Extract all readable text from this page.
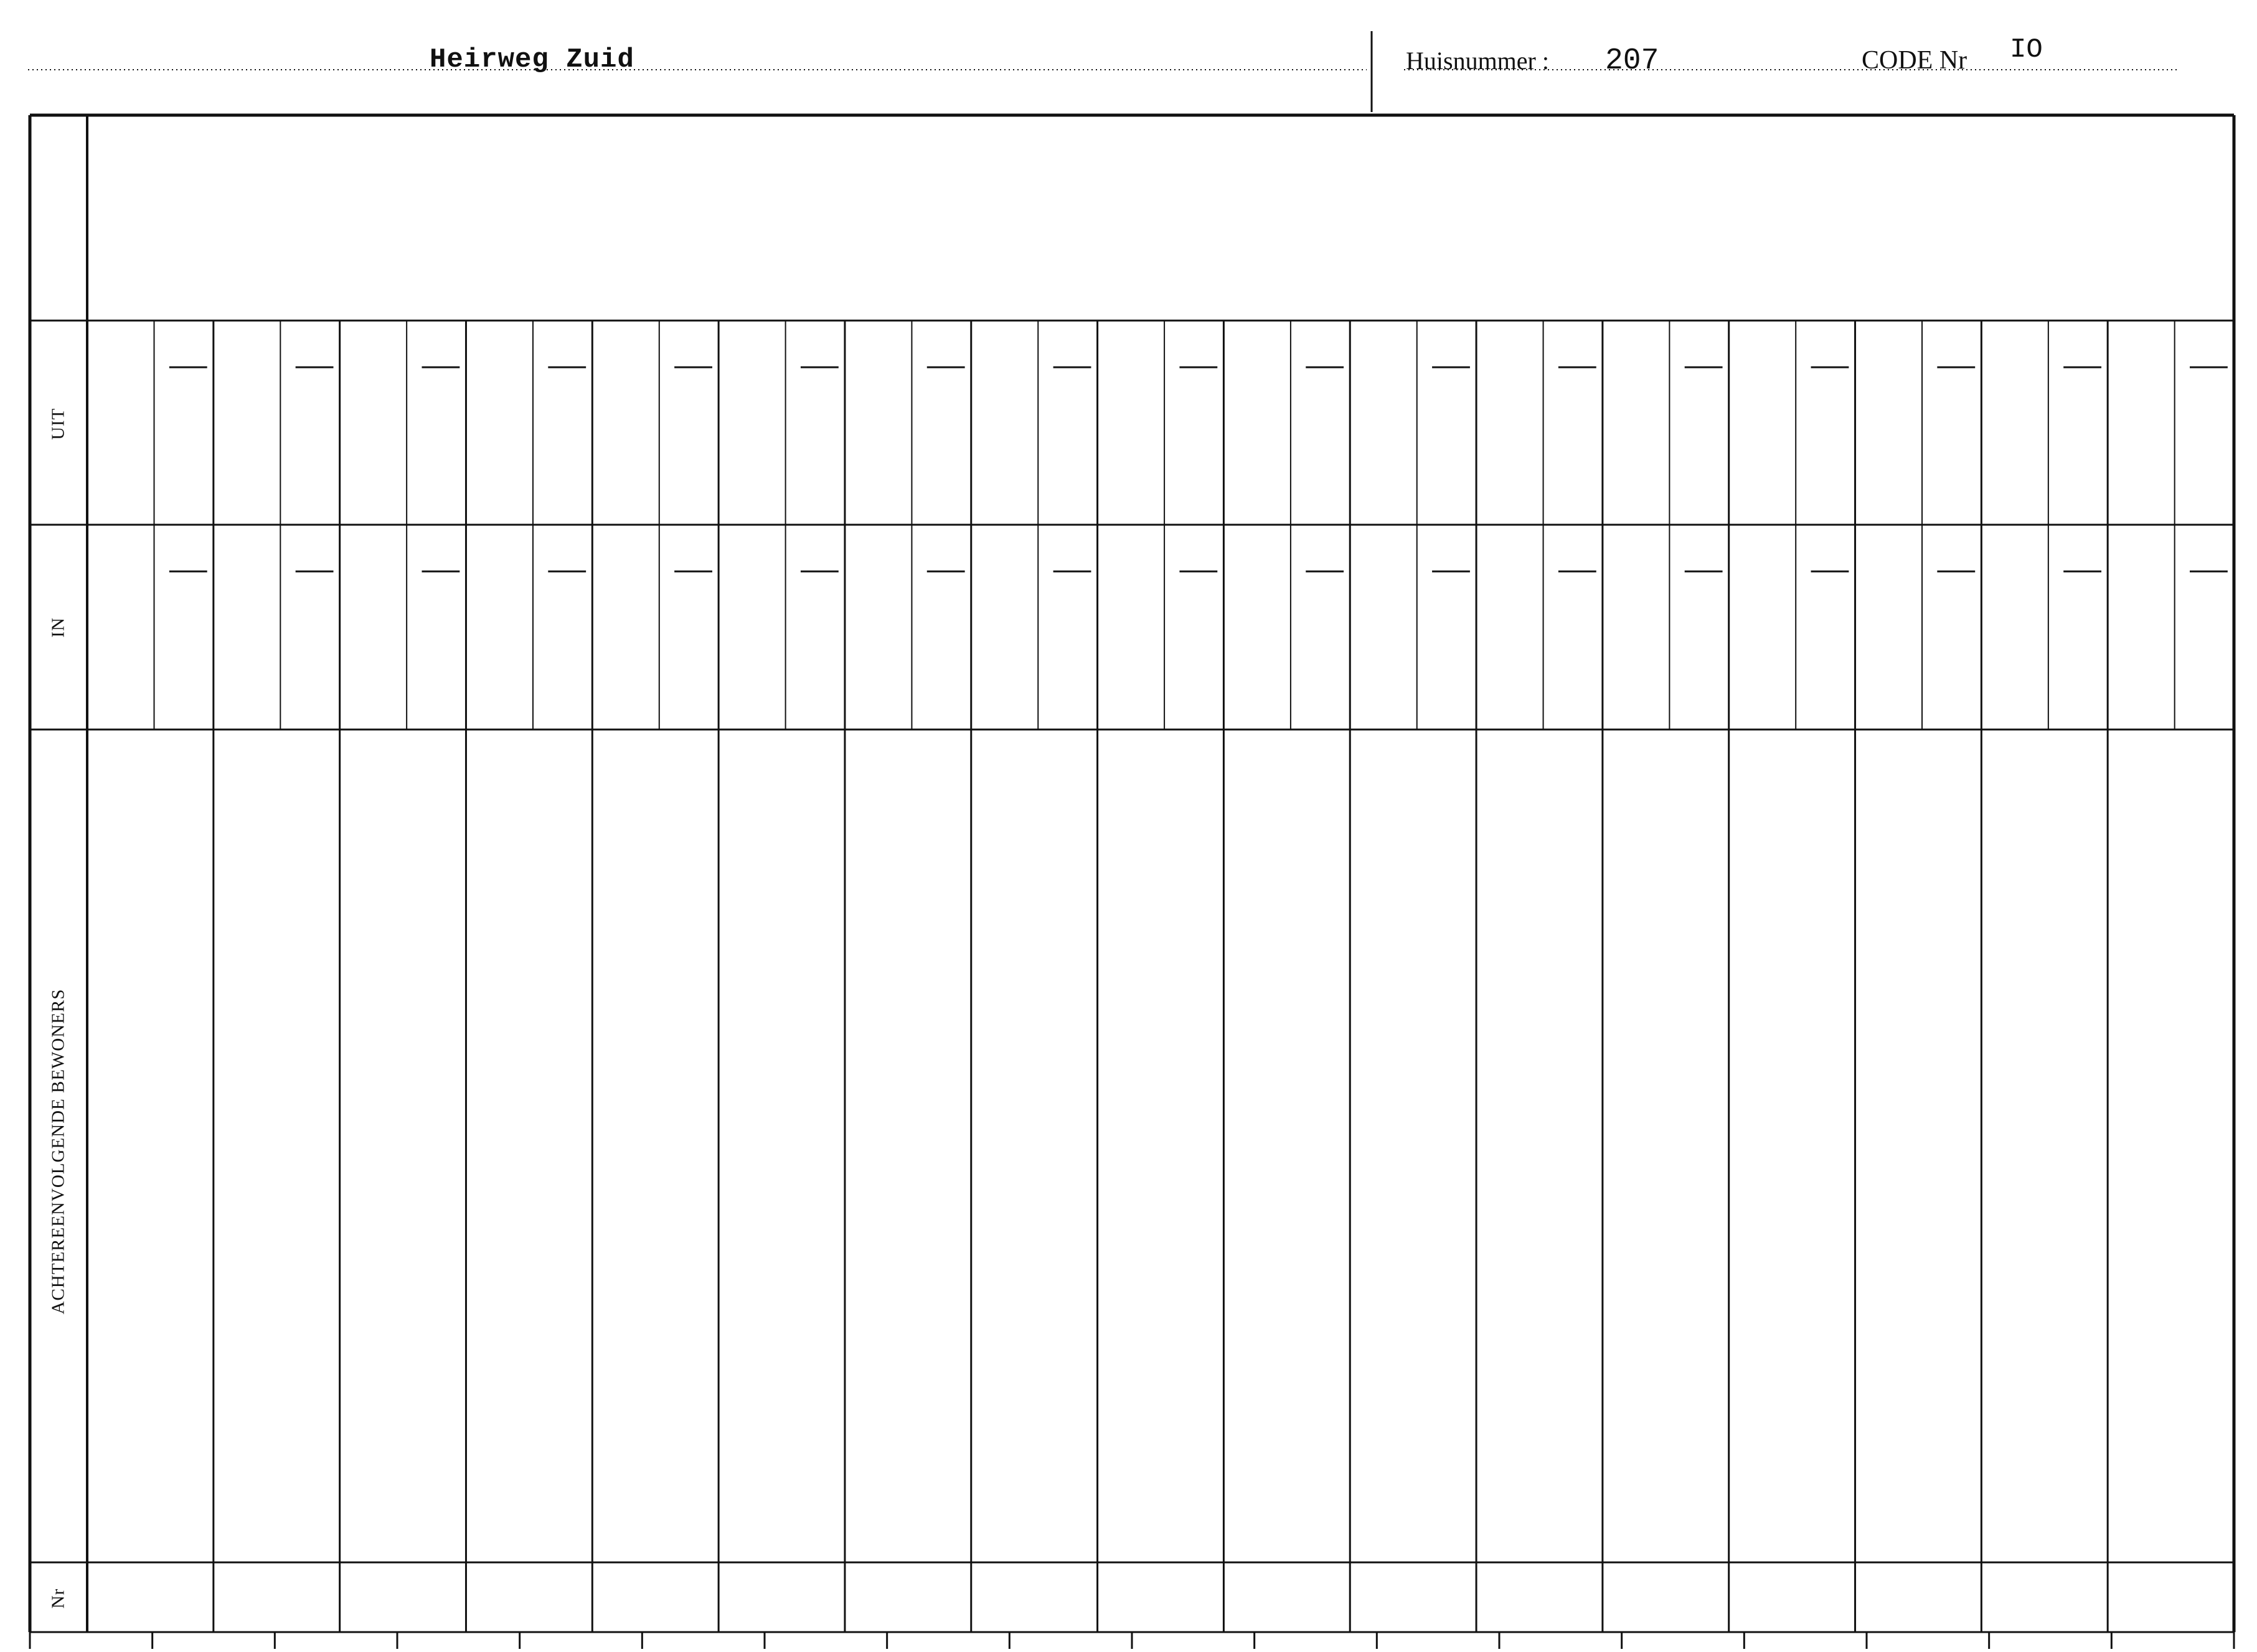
Heirweg Zuid	Huisnummer : 207	CODE Nr IO
UIT
IN
ACHTEREENVOLGENDE BEWONERS
Nr
